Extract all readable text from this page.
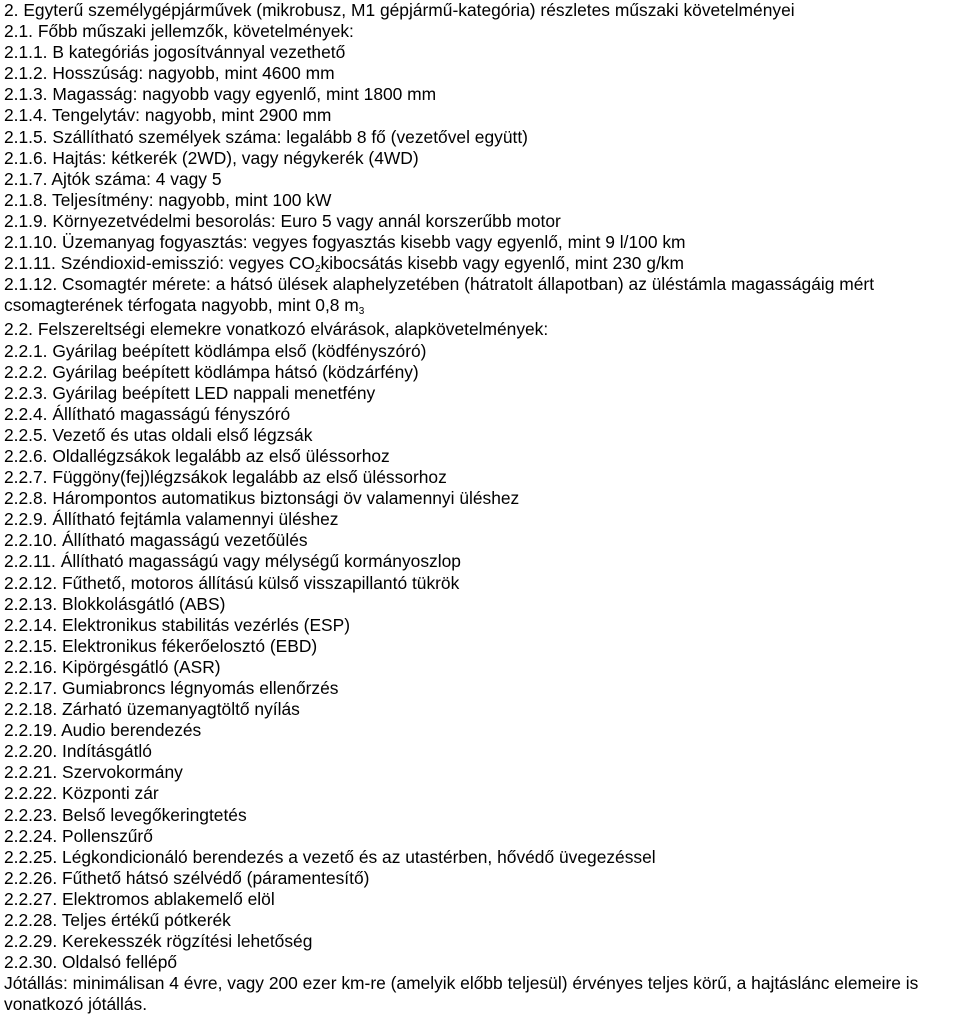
2. Egyterű személygépjárművek (mikrobusz, M1 gépjármű-kategória) részletes műszaki követelményei
2.1. Főbb műszaki jellemzők, követelmények:
2.1.1. B kategóriás jogosítvánnyal vezethető
2.1.2. Hosszúság: nagyobb, mint 4600 mm
2.1.3. Magasság: nagyobb vagy egyenlő, mint 1800 mm
2.1.4. Tengelytáv: nagyobb, mint 2900 mm
2.1.5. Szállítható személyek száma: legalább 8 fő (vezetővel együtt)
2.1.6. Hajtás: kétkerék (2WD), vagy négykerék (4WD)
2.1.7. Ajtók száma: 4 vagy 5
2.1.8. Teljesítmény: nagyobb, mint 100 kW
2.1.9. Környezetvédelmi besorolás: Euro 5 vagy annál korszerűbb motor
2.1.10. Üzemanyag fogyasztás: vegyes fogyasztás kisebb vagy egyenlő, mint 9 l/100 km
2.1.11. Széndioxid-emisszió: vegyes CO2kibocsátás kisebb vagy egyenlő, mint 230 g/km
2.1.12. Csomagtér mérete: a hátsó ülések alaphelyzetében (hátratolt állapotban) az üléstámla magasságáig mért csomagterének térfogata nagyobb, mint 0,8 m3
2.2. Felszereltségi elemekre vonatkozó elvárások, alapkövetelmények:
2.2.1. Gyárilag beépített ködlámpa első (ködfényszóró)
2.2.2. Gyárilag beépített ködlámpa hátsó (ködzárfény)
2.2.3. Gyárilag beépített LED nappali menetfény
2.2.4. Állítható magasságú fényszóró
2.2.5. Vezető és utas oldali első légzsák
2.2.6. Oldallégzsákok legalább az első üléssorhoz
2.2.7. Függöny(fej)légzsákok legalább az első üléssorhoz
2.2.8. Hárompontos automatikus biztonsági öv valamennyi üléshez
2.2.9. Állítható fejtámla valamennyi üléshez
2.2.10. Állítható magasságú vezetőülés
2.2.11. Állítható magasságú vagy mélységű kormányoszlop
2.2.12. Fűthető, motoros állítású külső visszapillantó tükrök
2.2.13. Blokkolásgátló (ABS)
2.2.14. Elektronikus stabilitás vezérlés (ESP)
2.2.15. Elektronikus fékerőelosztó (EBD)
2.2.16. Kipörgésgátló (ASR)
2.2.17. Gumiabroncs légnyomás ellenőrzés
2.2.18. Zárható üzemanyagtöltő nyílás
2.2.19. Audio berendezés
2.2.20. Indításgátló
2.2.21. Szervokormány
2.2.22. Központi zár
2.2.23. Belső levegőkeringtetés
2.2.24. Pollenszűrő
2.2.25. Légkondicionáló berendezés a vezető és az utastérben, hővédő üvegezéssel
2.2.26. Fűthető hátsó szélvédő (páramentesítő)
2.2.27. Elektromos ablakemelő elöl
2.2.28. Teljes értékű pótkerék
2.2.29. Kerekesszék rögzítési lehetőség
2.2.30. Oldalsó fellépő
Jótállás: minimálisan 4 évre, vagy 200 ezer km-re (amelyik előbb teljesül) érvényes teljes körű, a hajtáslánc elemeire is vonatkozó jótállás.
